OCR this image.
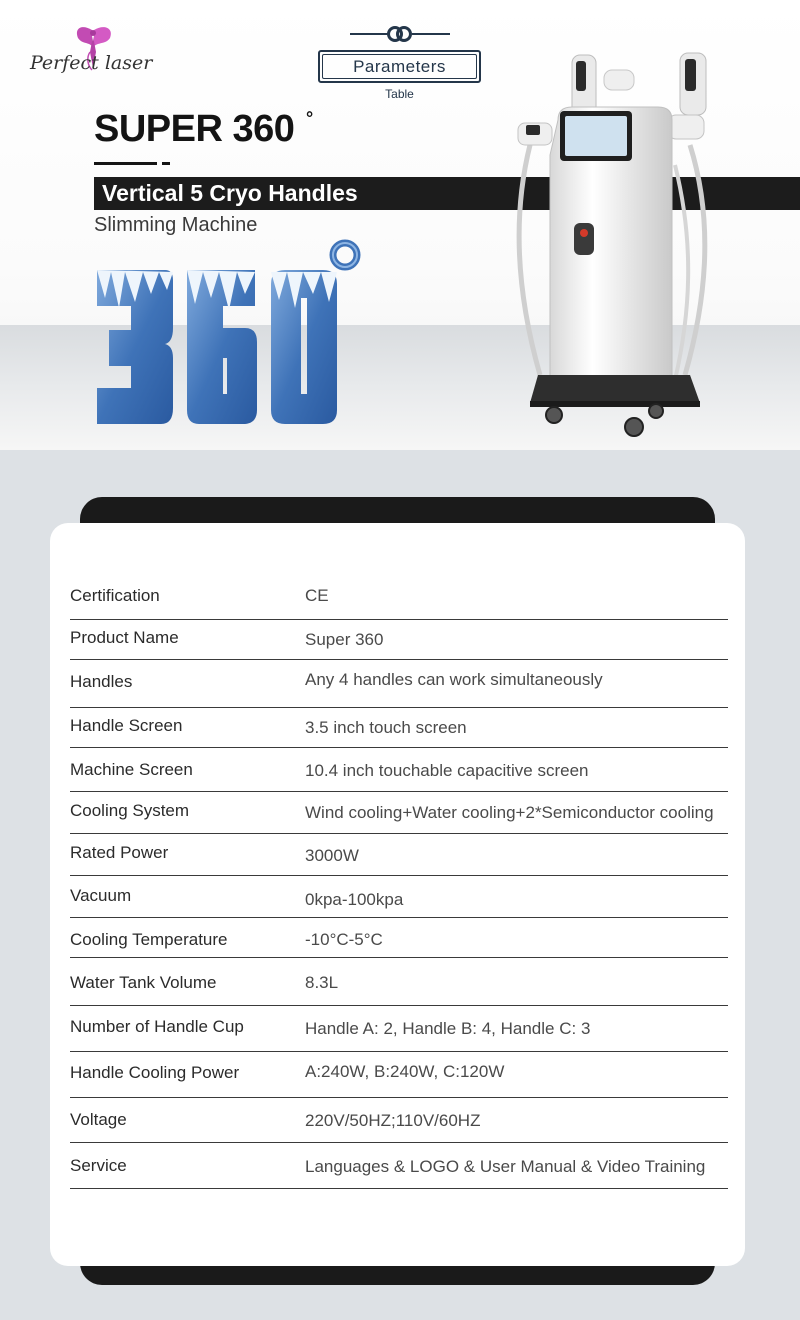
Perfect laser	Parameters
Table
SUPER 360 °
Vertical 5 Cryo Handles
Slimming Machine
Certification	CE
Product Name	Super 360
Handles	Any 4 handles can work simultaneously
Handle Screen	3.5 inch touch screen
Machine Screen	10.4 inch touchable capacitive screen
Cooling System	Wind cooling+Water cooling+2*Semiconductor cooling
Rated Power	3000W
Vacuum	0kpa-100kpa
Cooling Temperature	-10°C-5°C
Water Tank Volume	8.3L
Number of Handle Cup	Handle A: 2, Handle B: 4, Handle C: 3
Handle Cooling Power	A:240W, B:240W, C:120W
Voltage	220V/50HZ;110V/60HZ
Service	Languages & LOGO & User Manual & Video Training
